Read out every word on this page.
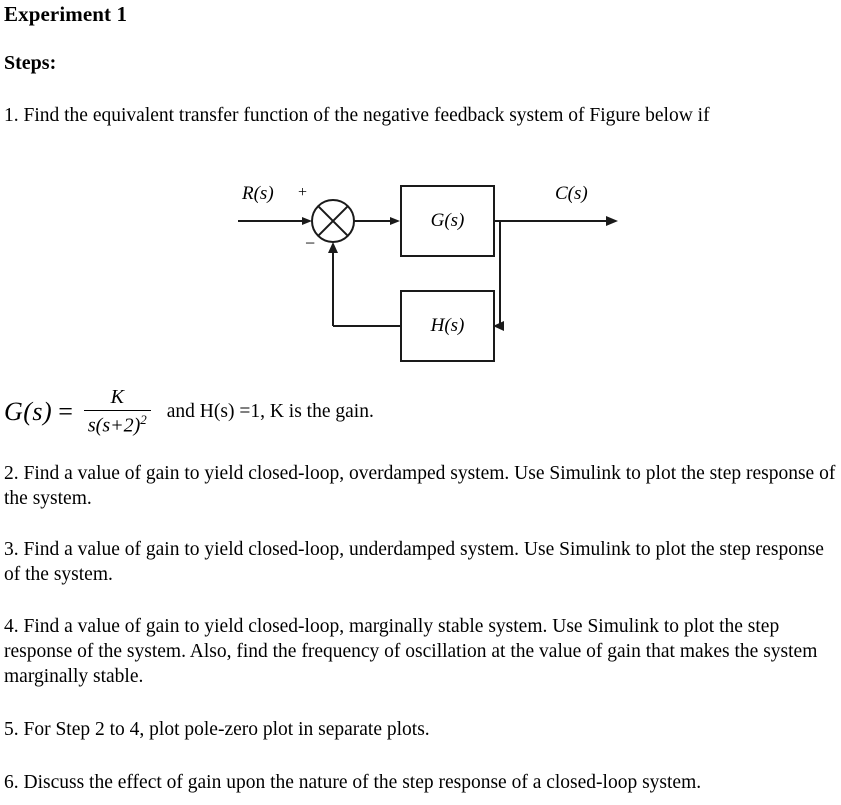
Experiment 1
Steps:
1. Find the equivalent transfer function of the negative feedback system of Figure below if
R(s)	C(s)
+
−
G(s)
H(s)
$G(s) = \frac{K}{s(s+2)^2}$ and H(s) =1, K is the gain.
2. Find a value of gain to yield closed-loop, overdamped system. Use Simulink to plot the step response of the system.
3. Find a value of gain to yield closed-loop, underdamped system. Use Simulink to plot the step response of the system.
4. Find a value of gain to yield closed-loop, marginally stable system. Use Simulink to plot the step response of the system. Also, find the frequency of oscillation at the value of gain that makes the system marginally stable.
5. For Step 2 to 4, plot pole-zero plot in separate plots.
6. Discuss the effect of gain upon the nature of the step response of a closed-loop system.
